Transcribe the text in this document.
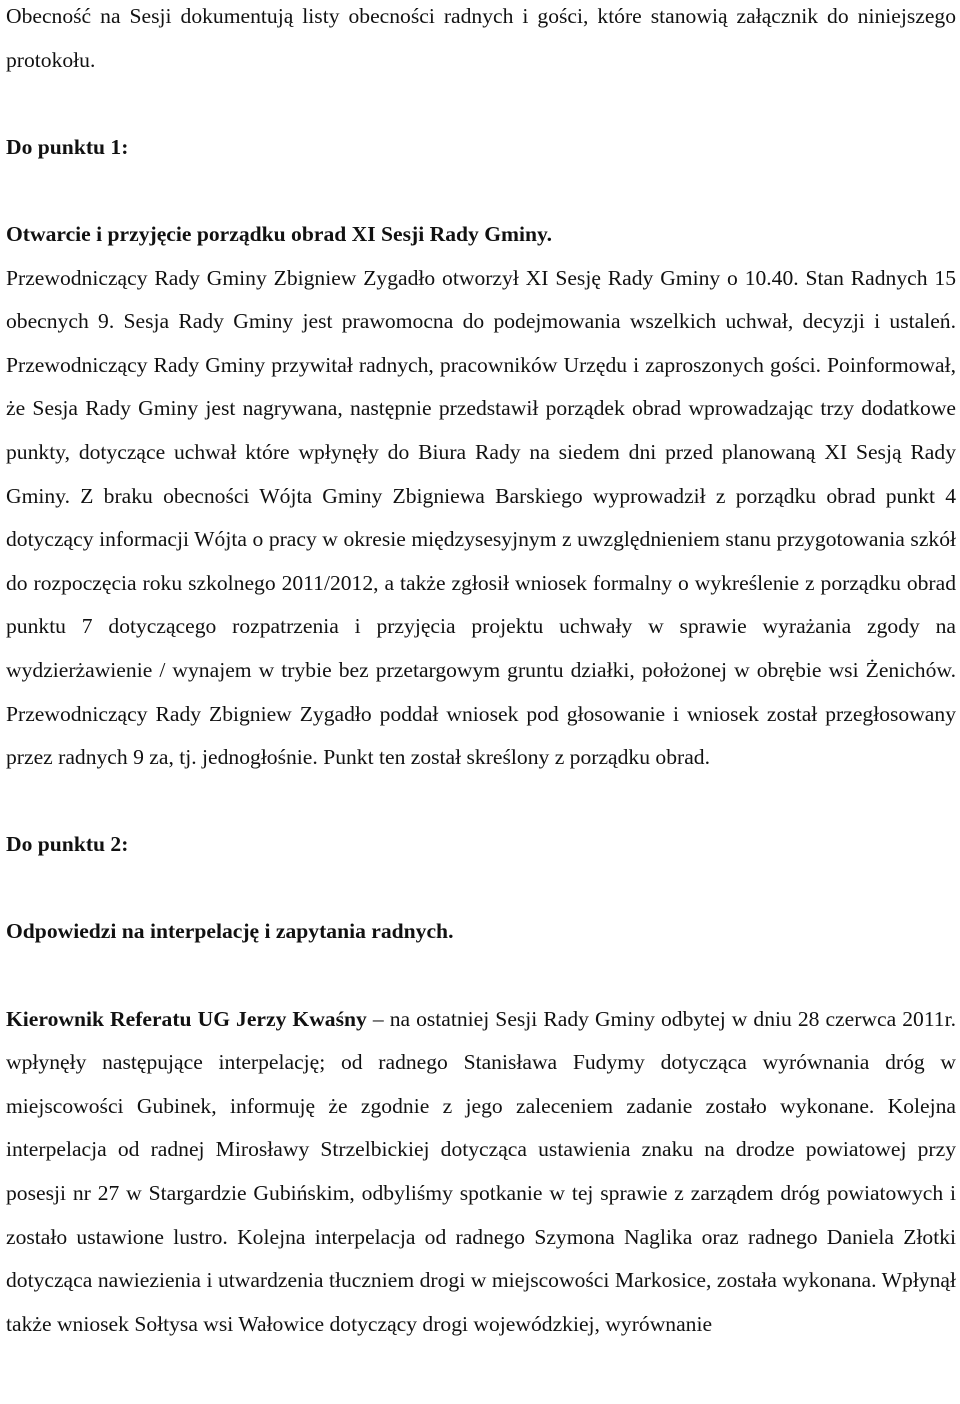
Obecność na Sesji dokumentują listy obecności radnych i gości, które stanowią załącznik do niniejszego protokołu.

Do punktu 1:

Otwarcie i przyjęcie porządku obrad XI Sesji Rady Gminy.

Przewodniczący Rady Gminy Zbigniew Zygadło otworzył XI Sesję Rady Gminy o 10.40. Stan Radnych 15 obecnych 9. Sesja Rady Gminy jest prawomocna do podejmowania wszelkich uchwał, decyzji i ustaleń. Przewodniczący Rady Gminy przywitał radnych, pracowników Urzędu i zaproszonych gości. Poinformował, że Sesja Rady Gminy jest nagrywana, następnie przedstawił porządek obrad wprowadzając trzy dodatkowe punkty, dotyczące uchwał które wpłynęły do Biura Rady na siedem dni przed planowaną XI Sesją Rady Gminy. Z braku obecności Wójta Gminy Zbigniewa Barskiego wyprowadził z porządku obrad punkt 4 dotyczący informacji Wójta o pracy w okresie międzysesyjnym z uwzględnieniem stanu przygotowania szkół do rozpoczęcia roku szkolnego 2011/2012, a także zgłosił wniosek formalny o wykreślenie z porządku obrad punktu 7 dotyczącego rozpatrzenia i przyjęcia projektu uchwały w sprawie wyrażania zgody na wydzierżawienie / wynajem w trybie bez przetargowym gruntu działki, położonej w obrębie wsi Żenichów. Przewodniczący Rady Zbigniew Zygadło poddał wniosek pod głosowanie i wniosek został przegłosowany przez radnych 9 za, tj. jednogłośnie. Punkt ten został skreślony z porządku obrad.

Do punktu 2:

Odpowiedzi na interpelację i zapytania radnych.

Kierownik Referatu UG Jerzy Kwaśny – na ostatniej Sesji Rady Gminy odbytej w dniu 28 czerwca 2011r. wpłynęły następujące interpelację; od radnego Stanisława Fudymy dotycząca wyrównania dróg w miejscowości Gubinek, informuję że zgodnie z jego zaleceniem zadanie zostało wykonane. Kolejna interpelacja od radnej Mirosławy Strzelbickiej dotycząca ustawienia znaku na drodze powiatowej przy posesji nr 27 w Stargardzie Gubińskim, odbyliśmy spotkanie w tej sprawie z zarządem dróg powiatowych i zostało ustawione lustro. Kolejna interpelacja od radnego Szymona Naglika oraz radnego Daniela Złotki dotycząca nawiezienia i utwardzenia tłuczniem drogi w miejscowości Markosice, została wykonana. Wpłynął także wniosek Sołtysa wsi Wałowice dotyczący drogi wojewódzkiej, wyrównanie
